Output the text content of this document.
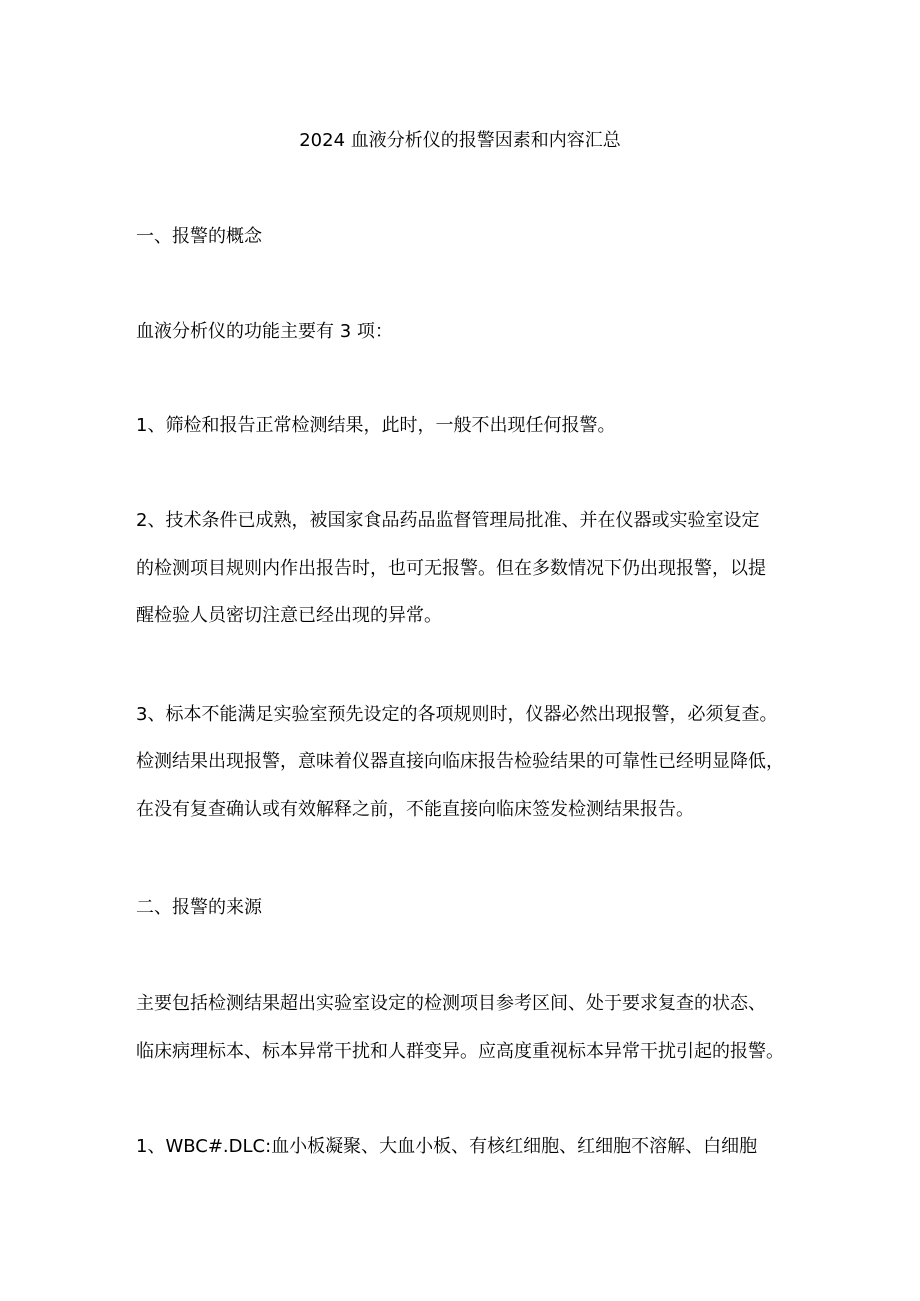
2024 血液分析仪的报警因素和内容汇总
一、报警的概念
血液分析仪的功能主要有 3 项：
1、筛检和报告正常检测结果，此时，一般不出现任何报警。
2、技术条件已成熟，被国家食品药品监督管理局批准、并在仪器或实验室设定
的检测项目规则内作出报告时，也可无报警。但在多数情况下仍出现报警，以提
醒检验人员密切注意已经出现的异常。
3、标本不能满足实验室预先设定的各项规则时，仪器必然出现报警，必须复查。
检测结果出现报警，意味着仪器直接向临床报告检验结果的可靠性已经明显降低，
在没有复查确认或有效解释之前，不能直接向临床签发检测结果报告。
二、报警的来源
主要包括检测结果超出实验室设定的检测项目参考区间、处于要求复查的状态、
临床病理标本、标本异常干扰和人群变异。应高度重视标本异常干扰引起的报警。
1、WBC#.DLC:血小板凝聚、大血小板、有核红细胞、红细胞不溶解、白细胞
